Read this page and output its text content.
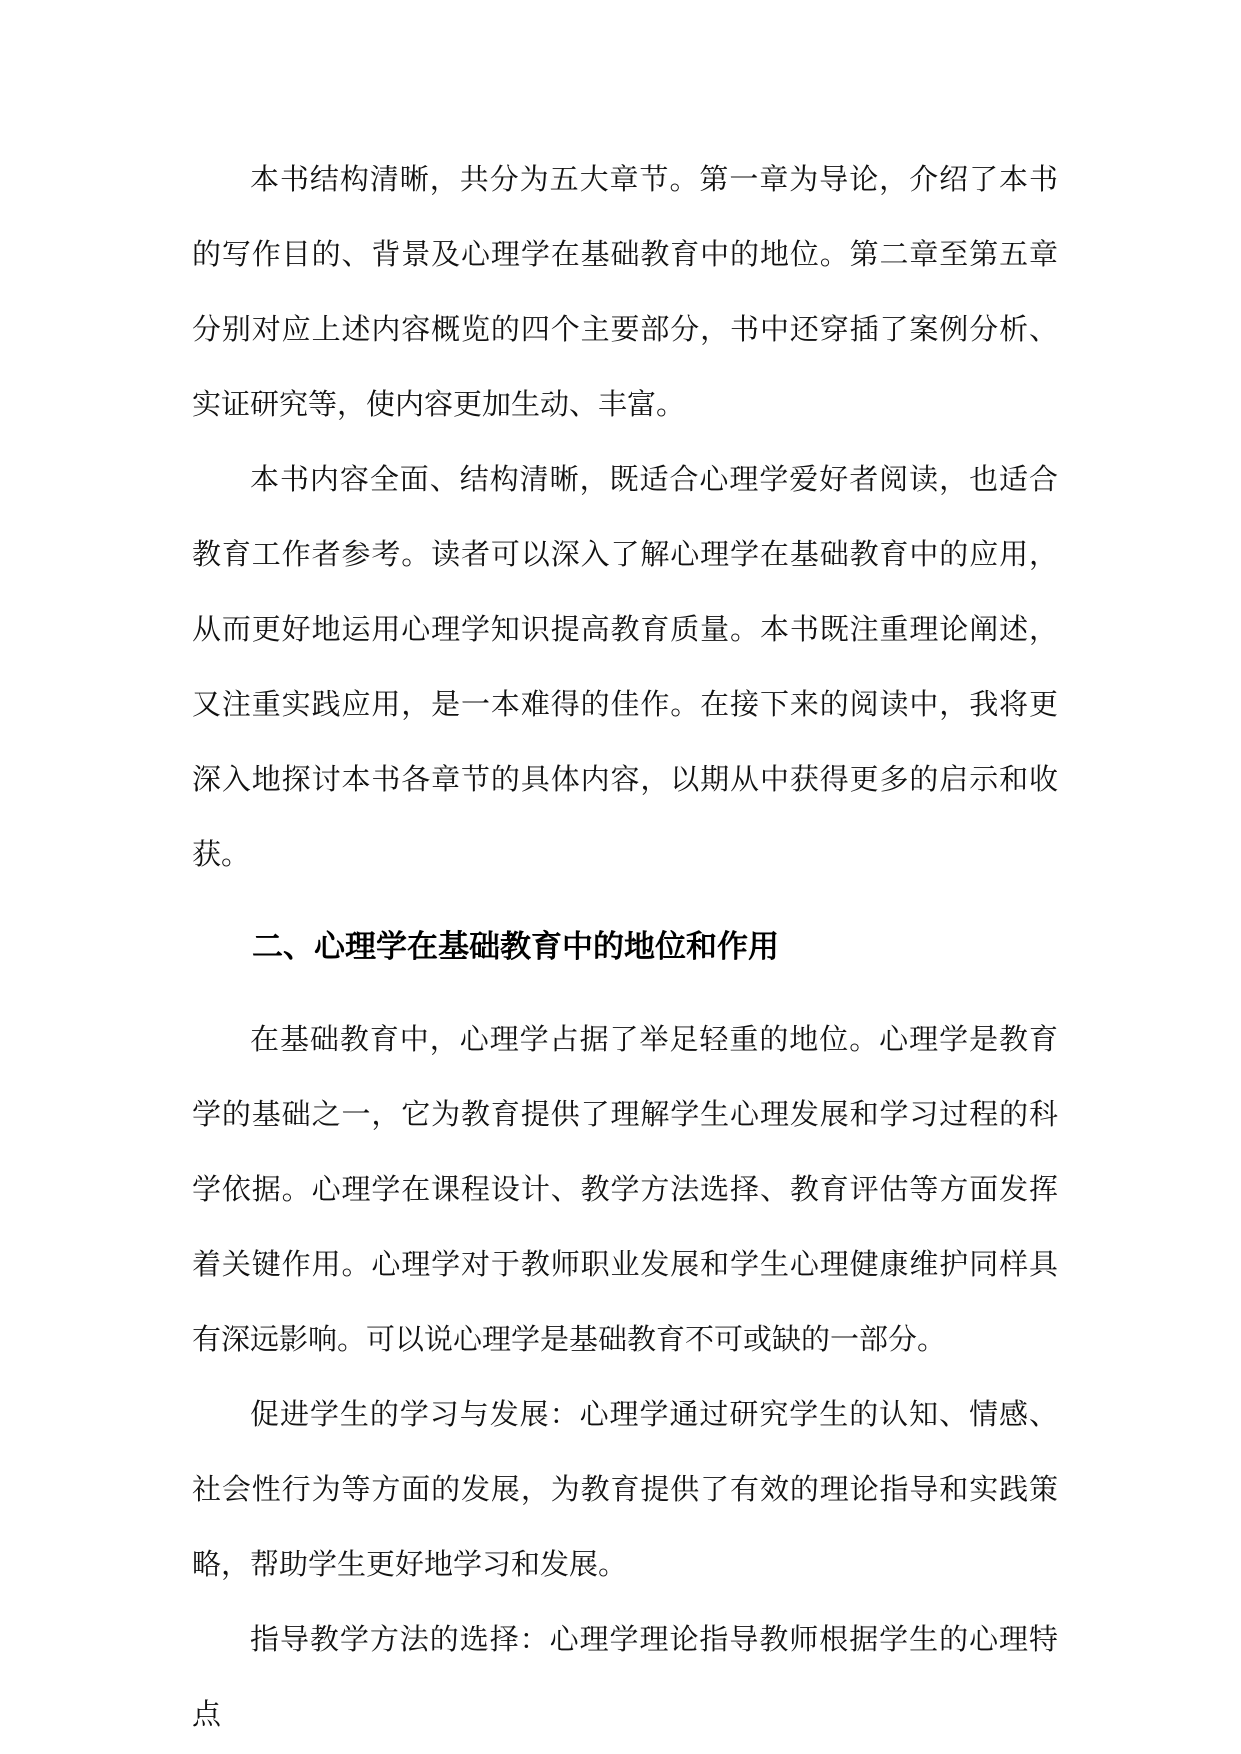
本书结构清晰，共分为五大章节。第一章为导论，介绍了本书的写作目的、背景及心理学在基础教育中的地位。第二章至第五章分别对应上述内容概览的四个主要部分，书中还穿插了案例分析、实证研究等，使内容更加生动、丰富。

本书内容全面、结构清晰，既适合心理学爱好者阅读，也适合教育工作者参考。读者可以深入了解心理学在基础教育中的应用，从而更好地运用心理学知识提高教育质量。本书既注重理论阐述，又注重实践应用，是一本难得的佳作。在接下来的阅读中，我将更深入地探讨本书各章节的具体内容，以期从中获得更多的启示和收获。

二、心理学在基础教育中的地位和作用

在基础教育中，心理学占据了举足轻重的地位。心理学是教育学的基础之一，它为教育提供了理解学生心理发展和学习过程的科学依据。心理学在课程设计、教学方法选择、教育评估等方面发挥着关键作用。心理学对于教师职业发展和学生心理健康维护同样具有深远影响。可以说心理学是基础教育不可或缺的一部分。

促进学生的学习与发展：心理学通过研究学生的认知、情感、社会性行为等方面的发展，为教育提供了有效的理论指导和实践策略，帮助学生更好地学习和发展。

指导教学方法的选择：心理学理论指导教师根据学生的心理特点
